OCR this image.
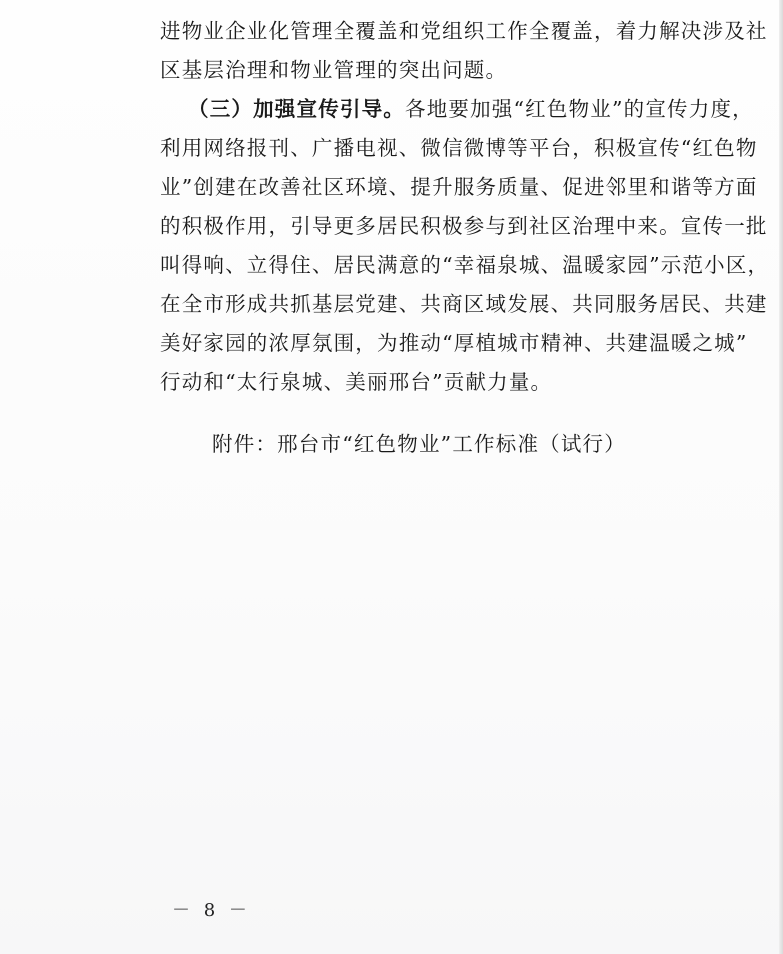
进物业企业化管理全覆盖和党组织工作全覆盖，着力解决涉及社
区基层治理和物业管理的突出问题。
（三）加强宣传引导。各地要加强“红色物业”的宣传力度，
利用网络报刊、广播电视、微信微博等平台，积极宣传“红色物
业”创建在改善社区环境、提升服务质量、促进邻里和谐等方面
的积极作用，引导更多居民积极参与到社区治理中来。宣传一批
叫得响、立得住、居民满意的“幸福泉城、温暖家园”示范小区，
在全市形成共抓基层党建、共商区域发展、共同服务居民、共建
美好家园的浓厚氛围，为推动“厚植城市精神、共建温暖之城”
行动和“太行泉城、美丽邢台”贡献力量。
附件：邢台市“红色物业”工作标准（试行）
－ 8 －
